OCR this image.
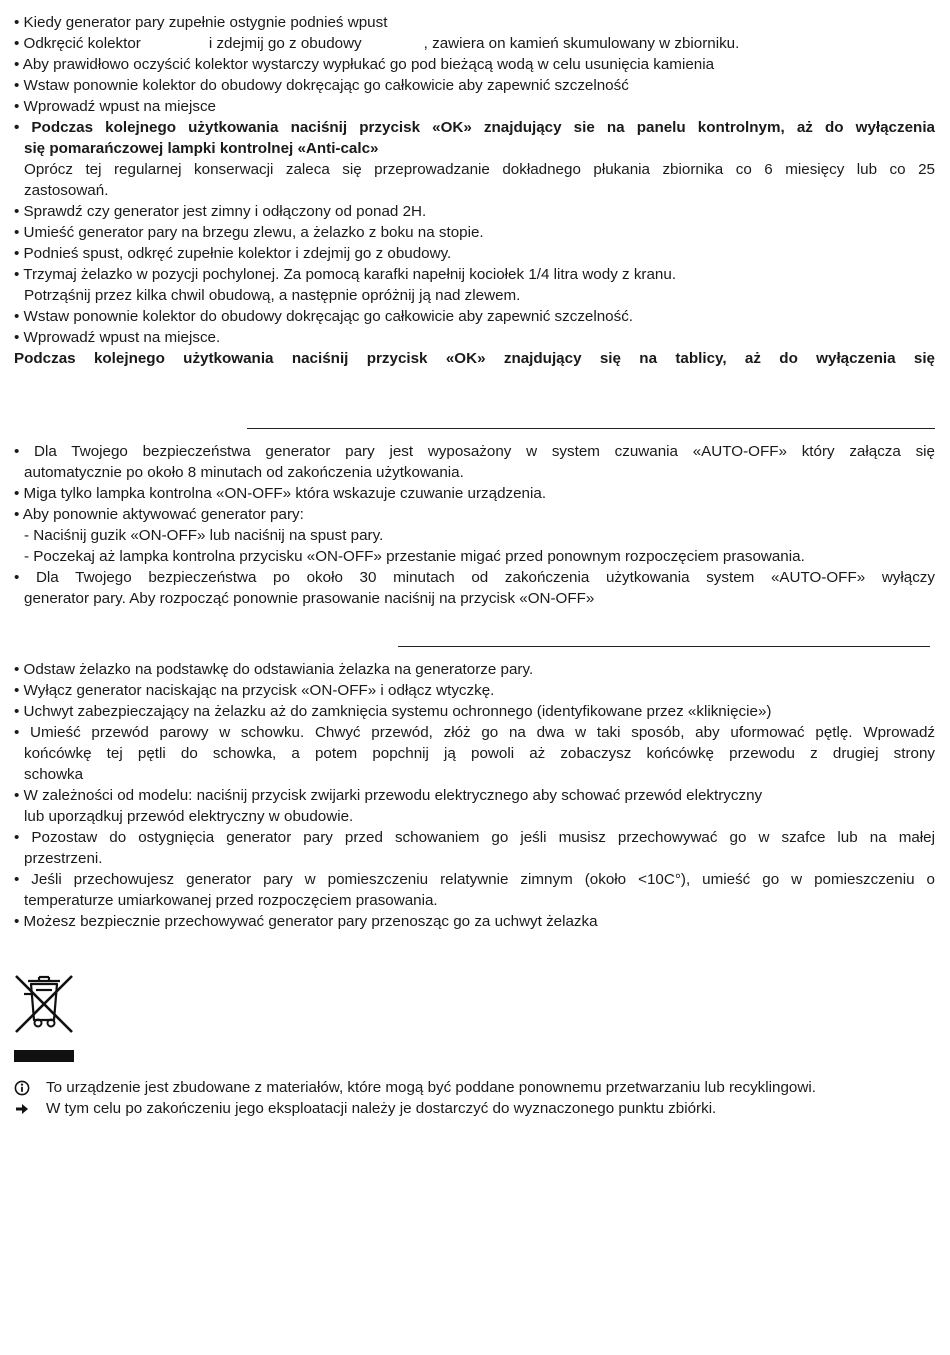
• Kiedy generator pary zupełnie ostygnie podnieś wpust
• Odkręcić kolektor	i zdejmij go z obudowy	, zawiera on kamień skumulowany w zbiorniku.
• Aby prawidłowo oczyścić kolektor wystarczy wypłukać go pod bieżącą wodą w celu usunięcia kamienia
• Wstaw ponownie kolektor do obudowy dokręcając go całkowicie aby zapewnić szczelność
• Wprowadź wpust na miejsce
• Podczas kolejnego użytkowania naciśnij przycisk «OK» znajdujący sie na panelu kontrolnym, aż do wyłączenia
się pomarańczowej lampki kontrolnej «Anti-calc»
Oprócz tej regularnej konserwacji zaleca się przeprowadzanie dokładnego płukania zbiornika co 6 miesięcy lub co 25
zastosowań.
• Sprawdź czy generator jest zimny i odłączony od ponad 2H.
• Umieść generator pary na brzegu zlewu, a żelazko z boku na stopie.
• Podnieś spust, odkręć zupełnie kolektor i zdejmij go z obudowy.
• Trzymaj żelazko w pozycji pochylonej. Za pomocą karafki napełnij kociołek 1/4 litra wody z kranu.
Potrząśnij przez kilka chwil obudową, a następnie opróżnij ją nad zlewem.
• Wstaw ponownie kolektor do obudowy dokręcając go całkowicie aby zapewnić szczelność.
• Wprowadź wpust na miejsce.
Podczas kolejnego użytkowania naciśnij przycisk «OK» znajdujący się na tablicy, aż do wyłączenia się
• Dla Twojego bezpieczeństwa generator pary jest wyposażony w system czuwania «AUTO-OFF» który załącza się
automatycznie po około 8 minutach od zakończenia użytkowania.
• Miga tylko lampka kontrolna «ON-OFF» która wskazuje czuwanie urządzenia.
• Aby ponownie aktywować generator pary:
- Naciśnij guzik «ON-OFF» lub naciśnij na spust pary.
- Poczekaj aż lampka kontrolna przycisku «ON-OFF» przestanie migać przed ponownym rozpoczęciem prasowania.
• Dla Twojego bezpieczeństwa po około 30 minutach od zakończenia użytkowania system «AUTO-OFF» wyłączy
generator pary. Aby rozpocząć ponownie prasowanie naciśnij na przycisk «ON-OFF»
• Odstaw żelazko na podstawkę do odstawiania żelazka na generatorze pary.
• Wyłącz generator naciskając na przycisk «ON-OFF» i odłącz wtyczkę.
• Uchwyt zabezpieczający na żelazku aż do zamknięcia systemu ochronnego (identyfikowane przez «kliknięcie»)
• Umieść przewód parowy w schowku. Chwyć przewód, złóż go na dwa w taki sposób, aby uformować pętlę. Wprowadź
końcówkę tej pętli do schowka, a potem popchnij ją powoli aż zobaczysz końcówkę przewodu z drugiej strony
schowka
• W zależności od modelu: naciśnij przycisk zwijarki przewodu elektrycznego aby schować przewód elektryczny
lub uporządkuj przewód elektryczny w obudowie.
• Pozostaw do ostygnięcia generator pary przed schowaniem go jeśli musisz przechowywać go w szafce lub na małej
przestrzeni.
• Jeśli przechowujesz generator pary w pomieszczeniu relatywnie zimnym (około <10C°), umieść go w pomieszczeniu o
temperaturze umiarkowanej przed rozpoczęciem prasowania.
• Możesz bezpiecznie przechowywać generator pary przenosząc go za uchwyt żelazka
To urządzenie jest zbudowane z materiałów, które mogą być poddane ponownemu przetwarzaniu lub recyklingowi.
W tym celu po zakończeniu jego eksploatacji należy je dostarczyć do wyznaczonego punktu zbiórki.
